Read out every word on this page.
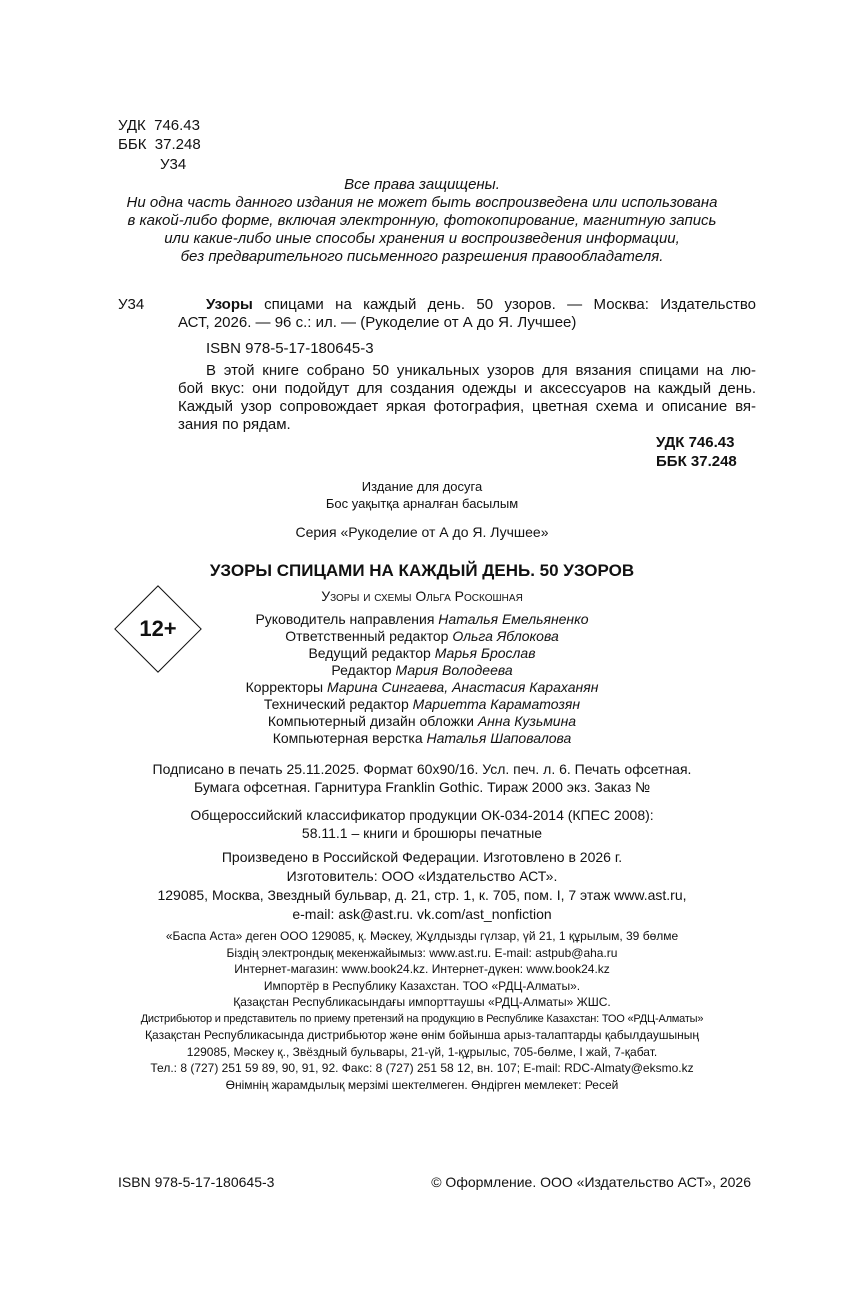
УДК 746.43
ББК 37.248
У34
Все права защищены.
Ни одна часть данного издания не может быть воспроизведена или использована
в какой-либо форме, включая электронную, фотокопирование, магнитную запись
или какие-либо иные способы хранения и воспроизведения информации,
без предварительного письменного разрешения правообладателя.
У34	Узоры спицами на каждый день. 50 узоров. — Москва: Издательство
АСТ, 2026. — 96 с.: ил. — (Рукоделие от А до Я. Лучшее)
ISBN 978-5-17-180645-3
В этой книге собрано 50 уникальных узоров для вязания спицами на лю-
бой вкус: они подойдут для создания одежды и аксессуаров на каждый день.
Каждый узор сопровождает яркая фотография, цветная схема и описание вя-
зания по рядам.
УДК 746.43
ББК 37.248
Издание для досуга
Бос уақытқа арналған басылым
Серия «Рукоделие от А до Я. Лучшее»
УЗОРЫ СПИЦАМИ НА КАЖДЫЙ ДЕНЬ. 50 УЗОРОВ
Узоры и схемы Ольга Роскошная
12+	Руководитель направления Наталья Емельяненко
Ответственный редактор Ольга Яблокова
Ведущий редактор Марья Брослав
Редактор Мария Володеева
Корректоры Марина Сингаева, Анастасия Караханян
Технический редактор Мариетта Караматозян
Компьютерный дизайн обложки Анна Кузьмина
Компьютерная верстка Наталья Шаповалова
Подписано в печать 25.11.2025. Формат 60х90/16. Усл. печ. л. 6. Печать офсетная.
Бумага офсетная. Гарнитура Franklin Gothic. Тираж 2000 экз. Заказ №
Общероссийский классификатор продукции ОК-034-2014 (КПЕС 2008):
58.11.1 – книги и брошюры печатные
Произведено в Российской Федерации. Изготовлено в 2026 г.
Изготовитель: ООО «Издательство АСТ».
129085, Москва, Звездный бульвар, д. 21, стр. 1, к. 705, пом. I, 7 этаж www.ast.ru,
e-mail: ask@ast.ru. vk.com/ast_nonfiction
«Баспа Аста» деген ООО 129085, қ. Мәскеу, Жұлдызды гүлзар, үй 21, 1 құрылым, 39 бөлме
Біздің электрондық мекенжайымыз: www.ast.ru. E-mail: astpub@aha.ru
Интернет-магазин: www.book24.kz. Интернет-дүкен: www.book24.kz
Импортёр в Республику Казахстан. ТОО «РДЦ-Алматы».
Қазақстан Республикасындағы импорттаушы «РДЦ-Алматы» ЖШС.
Дистрибьютор и представитель по приему претензий на продукцию в Республике Казахстан: ТОО «РДЦ-Алматы»
Қазақстан Республикасында дистрибьютор және өнім бойынша арыз-талаптарды қабылдаушының
129085, Мәскеу қ., Звёздный бульвары, 21-үй, 1-құрылыс, 705-бөлме, I жай, 7-қабат.
Тел.: 8 (727) 251 59 89, 90, 91, 92. Факс: 8 (727) 251 58 12, вн. 107; E-mail: RDC-Almaty@eksmo.kz
Өнімнің жарамдылық мерзімі шектелмеген. Өндірген мемлекет: Ресей
ISBN 978-5-17-180645-3	© Оформление. ООО «Издательство АСТ», 2026
